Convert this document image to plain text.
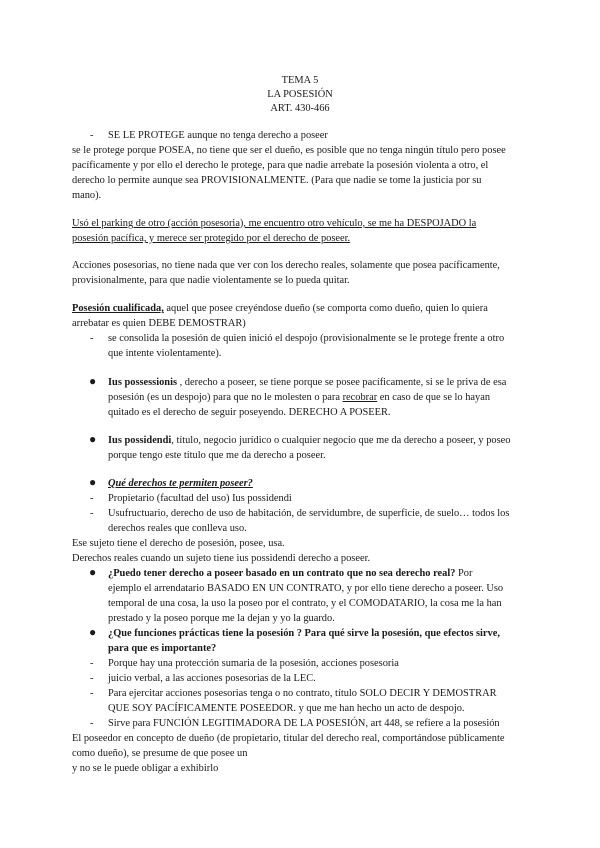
TEMA 5
LA POSESIÓN
ART. 430-466
- SE LE PROTEGE aunque no tenga derecho a poseer
se le protege porque POSEA, no tiene que ser el dueño, es posible que no tenga ningún título pero posee
pacíficamente y por ello el derecho le protege, para que nadie arrebate la posesión violenta a otro, el
derecho lo permite aunque sea PROVISIONALMENTE. (Para que nadie se tome la justicia por su
mano).
Usó el parking de otro (acción posesoria), me encuentro otro vehículo, se me ha DESPOJADO la
posesión pacífica, y merece ser protegido por el derecho de poseer.
Acciones posesorias, no tiene nada que ver con los derecho reales, solamente que posea pacíficamente,
provisionalmente, para que nadie violentamente se lo pueda quitar.
Posesión cualificada, aquel que posee creyéndose dueño (se comporta como dueño, quien lo quiera
arrebatar es quien DEBE DEMOSTRAR)
- se consolida la posesión de quien inició el despojo (provisionalmente se le protege frente a otro
que intente violentamente).
● Ius possessionis , derecho a poseer, se tiene porque se posee pacíficamente, si se le priva de esa
posesión (es un despojo) para que no le molesten o para recobrar en caso de que se lo hayan
quitado es el derecho de seguir poseyendo. DERECHO A POSEER.
● Ius possidendi, título, negocio jurídico o cualquier negocio que me da derecho a poseer, y poseo
porque tengo este título que me da derecho a poseer.
● Qué derechos te permiten poseer?
- Propietario (facultad del uso) Ius possidendi
- Usufructuario, derecho de uso de habitación, de servidumbre, de superficie, de suelo… todos los
derechos reales que conlleva uso.
Ese sujeto tiene el derecho de posesión, posee, usa.
Derechos reales cuando un sujeto tiene ius possidendi derecho a poseer.
● ¿Puedo tener derecho a poseer basado en un contrato que no sea derecho real? Por
ejemplo el arrendatario BASADO EN UN CONTRATO, y por ello tiene derecho a poseer. Uso
temporal de una cosa, la uso la poseo por el contrato, y el COMODATARIO, la cosa me la han
prestado y la poseo porque me la dejan y yo la guardo.
● ¿Que funciones prácticas tiene la posesión ? Para qué sirve la posesión, que efectos sirve,
para que es importante?
- Porque hay una protección sumaria de la posesión, acciones posesoria
- juicio verbal, a las acciones posesorias de la LEC.
- Para ejercitar acciones posesorias tenga o no contrato, título SOLO DECIR Y DEMOSTRAR
QUE SOY PACÍFICAMENTE POSEEDOR. y que me han hecho un acto de despojo.
- Sirve para FUNCIÓN LEGITIMADORA DE LA POSESIÓN, art 448, se refiere a la posesión
El poseedor en concepto de dueño (de propietario, titular del derecho real, comportándose públicamente
como dueño), se presume de que posee un
y no se le puede obligar a exhibirlo
